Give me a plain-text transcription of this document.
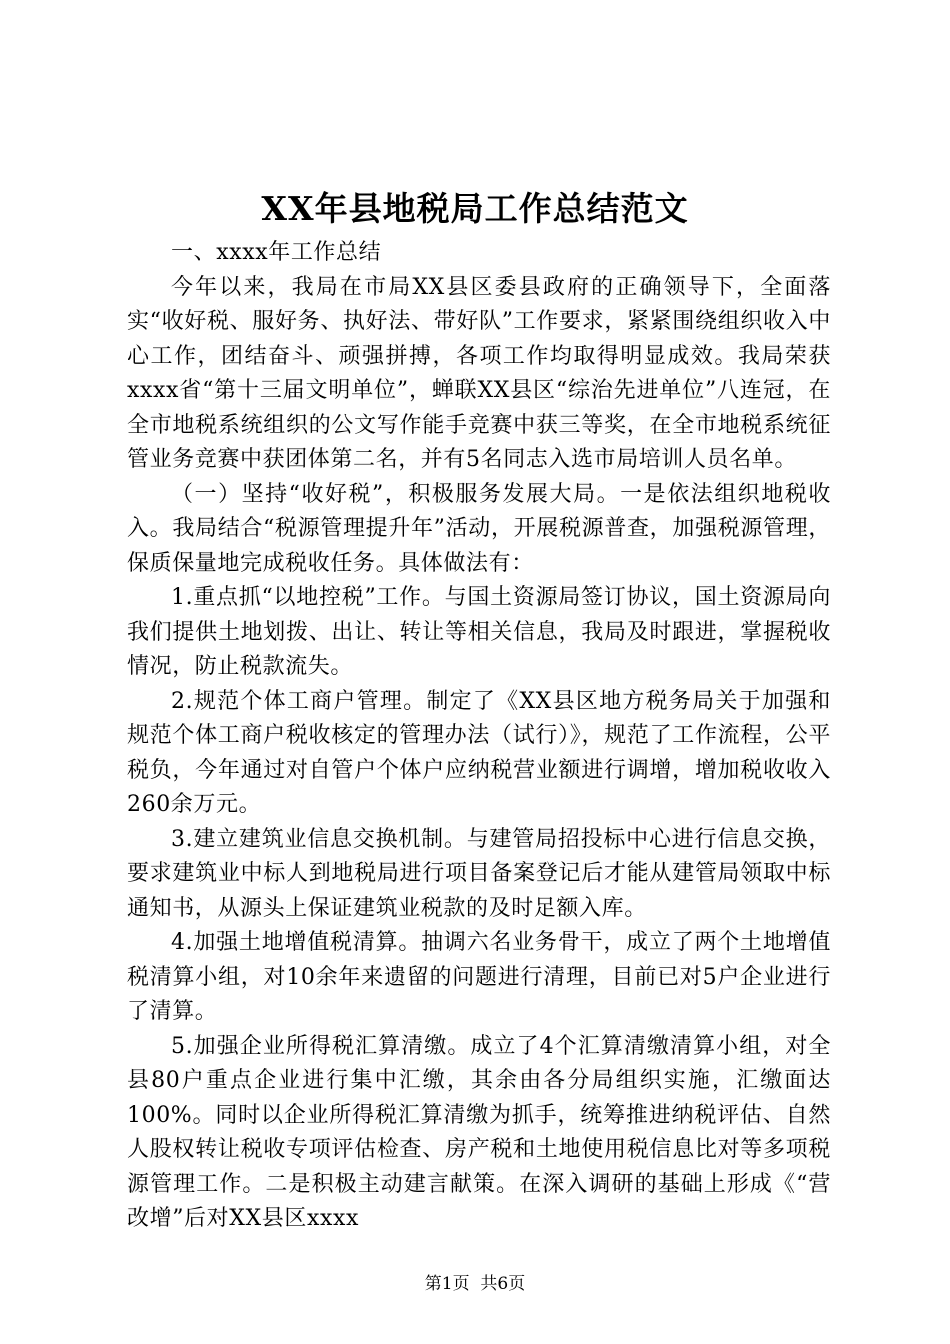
XX年县地税局工作总结范文

一、xxxx年工作总结

今年以来，我局在市局XX县区委县政府的正确领导下，全面落实“收好税、服好务、执好法、带好队”工作要求，紧紧围绕组织收入中心工作，团结奋斗、顽强拼搏，各项工作均取得明显成效。我局荣获xxxx省“第十三届文明单位”，蝉联XX县区“综治先进单位”八连冠，在全市地税系统组织的公文写作能手竞赛中获三等奖，在全市地税系统征管业务竞赛中获团体第二名，并有5名同志入选市局培训人员名单。

（一）坚持“收好税”，积极服务发展大局。一是依法组织地税收入。我局结合“税源管理提升年”活动，开展税源普查，加强税源管理，保质保量地完成税收任务。具体做法有：

1.重点抓“以地控税”工作。与国土资源局签订协议，国土资源局向我们提供土地划拨、出让、转让等相关信息，我局及时跟进，掌握税收情况，防止税款流失。

2.规范个体工商户管理。制定了《XX县区地方税务局关于加强和规范个体工商户税收核定的管理办法（试行）》，规范了工作流程，公平税负，今年通过对自管户个体户应纳税营业额进行调增，增加税收收入260余万元。

3.建立建筑业信息交换机制。与建管局招投标中心进行信息交换，要求建筑业中标人到地税局进行项目备案登记后才能从建管局领取中标通知书，从源头上保证建筑业税款的及时足额入库。

4.加强土地增值税清算。抽调六名业务骨干，成立了两个土地增值税清算小组，对10余年来遗留的问题进行清理，目前已对5户企业进行了清算。

5.加强企业所得税汇算清缴。成立了4个汇算清缴清算小组，对全县80户重点企业进行集中汇缴，其余由各分局组织实施，汇缴面达100%。同时以企业所得税汇算清缴为抓手，统筹推进纳税评估、自然人股权转让税收专项评估检查、房产税和土地使用税信息比对等多项税源管理工作。二是积极主动建言献策。在深入调研的基础上形成《“营改增”后对XX县区xxxx

第1页 共6页
